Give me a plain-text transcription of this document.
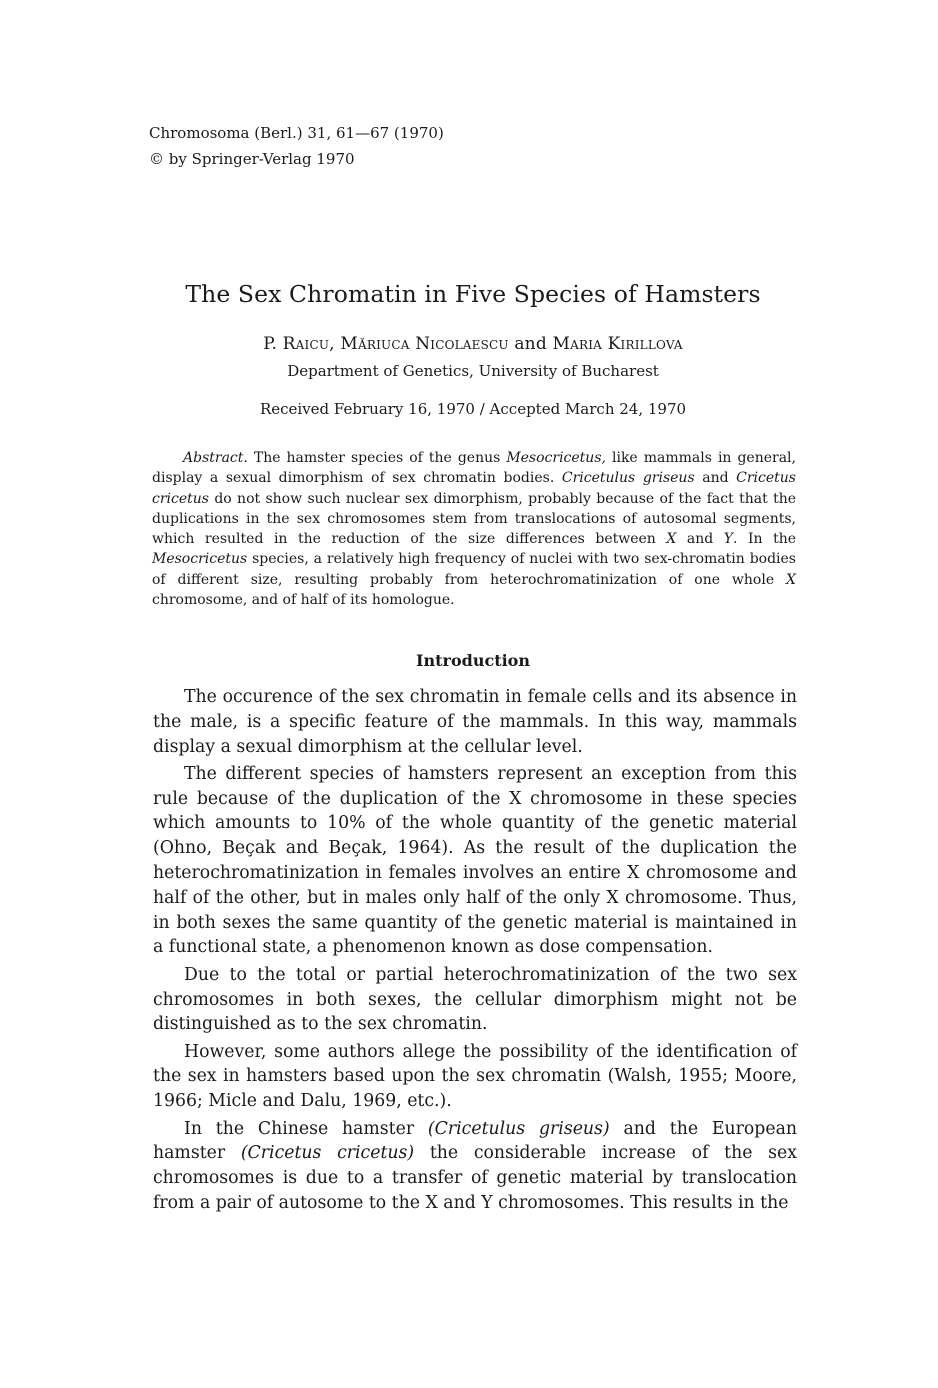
Chromosoma (Berl.) 31, 61—67 (1970)
© by Springer-Verlag 1970
The Sex Chromatin in Five Species of Hamsters
P. Raicu, Măriuca Nicolaescu and Maria Kirillova
Department of Genetics, University of Bucharest
Received February 16, 1970 / Accepted March 24, 1970

Abstract. The hamster species of the genus Mesocricetus, like mammals in general, display a sexual dimorphism of sex chromatin bodies. Cricetulus griseus and Cricetus cricetus do not show such nuclear sex dimorphism, probably because of the fact that the duplications in the sex chromosomes stem from translocations of autosomal segments, which resulted in the reduction of the size differences between X and Y. In the Mesocricetus species, a relatively high frequency of nuclei with two sex-chromatin bodies of different size, resulting probably from heterochromatinization of one whole X chromosome, and of half of its homologue.

Introduction

The occurence of the sex chromatin in female cells and its absence in the male, is a specific feature of the mammals. In this way, mammals display a sexual dimorphism at the cellular level.

The different species of hamsters represent an exception from this rule because of the duplication of the X chromosome in these species which amounts to 10% of the whole quantity of the genetic material (Ohno, Beçak and Beçak, 1964). As the result of the duplication the heterochromatinization in females involves an entire X chromosome and half of the other, but in males only half of the only X chromosome. Thus, in both sexes the same quantity of the genetic material is maintained in a functional state, a phenomenon known as dose compensation.

Due to the total or partial heterochromatinization of the two sex chromosomes in both sexes, the cellular dimorphism might not be distinguished as to the sex chromatin.

However, some authors allege the possibility of the identification of the sex in hamsters based upon the sex chromatin (Walsh, 1955; Moore, 1966; Micle and Dalu, 1969, etc.).

In the Chinese hamster (Cricetulus griseus) and the European hamster (Cricetus cricetus) the considerable increase of the sex chromosomes is due to a transfer of genetic material by translocation from a pair of autosome to the X and Y chromosomes. This results in the
